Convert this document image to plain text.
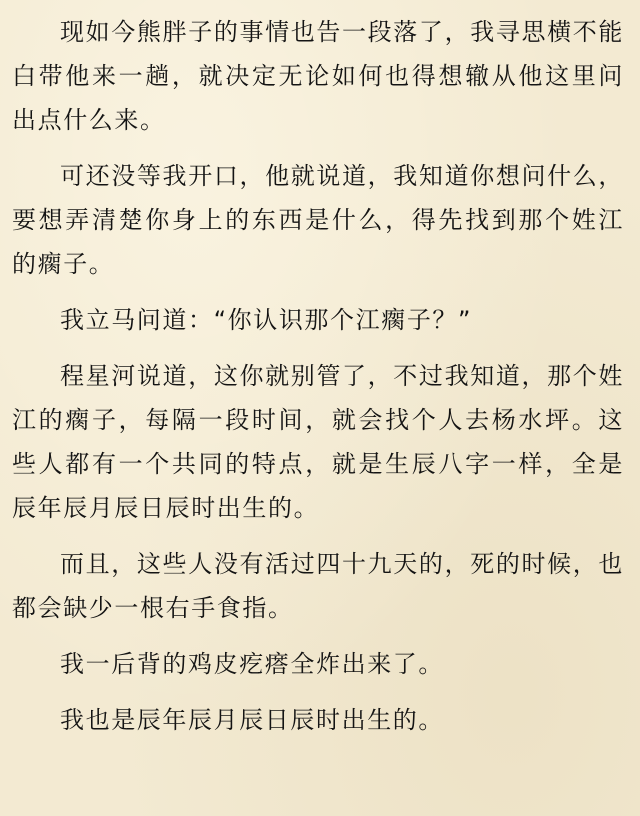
现如今熊胖子的事情也告一段落了，我寻思横不能白带他来一趟，就决定无论如何也得想辙从他这里问出点什么来。

可还没等我开口，他就说道，我知道你想问什么，要想弄清楚你身上的东西是什么，得先找到那个姓江的瘸子。

我立马问道：“你认识那个江瘸子？”

程星河说道，这你就别管了，不过我知道，那个姓江的瘸子，每隔一段时间，就会找个人去杨水坪。这些人都有一个共同的特点，就是生辰八字一样，全是辰年辰月辰日辰时出生的。

而且，这些人没有活过四十九天的，死的时候，也都会缺少一根右手食指。

我一后背的鸡皮疙瘩全炸出来了。

我也是辰年辰月辰日辰时出生的。
